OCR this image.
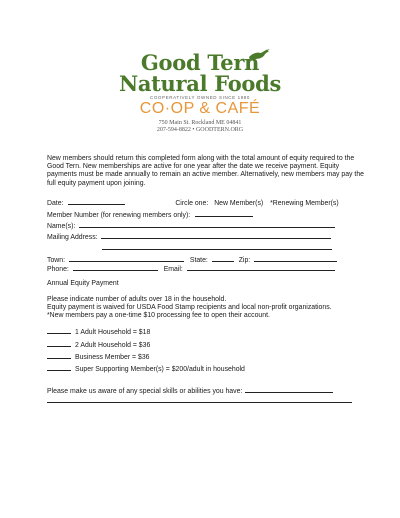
Good Tern
Natural Foods
COOPERATIVELY OWNED SINCE 1980
CO·OP & CAFÉ
750 Main St. Rockland ME 04841
207-594-8822 • GOODTERN.ORG
New members should return this completed form along with the total amount of equity required to the Good Tern. New memberships are active for one year after the date we receive payment. Equity payments must be made annually to remain an active member. Alternatively, new members may pay the full equity payment upon joining.
Date:	Circle one: New Member(s) *Renewing Member(s)
Member Number (for renewing members only):
Name(s):
Mailing Address:
Town:	State:	Zip:
Phone:	Email:
Annual Equity Payment
Please indicate number of adults over 18 in the household.
Equity payment is waived for USDA Food Stamp recipients and local non-profit organizations.
*New members pay a one-time $10 processing fee to open their account.
1 Adult Household = $18
2 Adult Household = $36
Business Member = $36
Super Supporting Member(s) = $200/adult in household
Please make us aware of any special skills or abilities you have:
